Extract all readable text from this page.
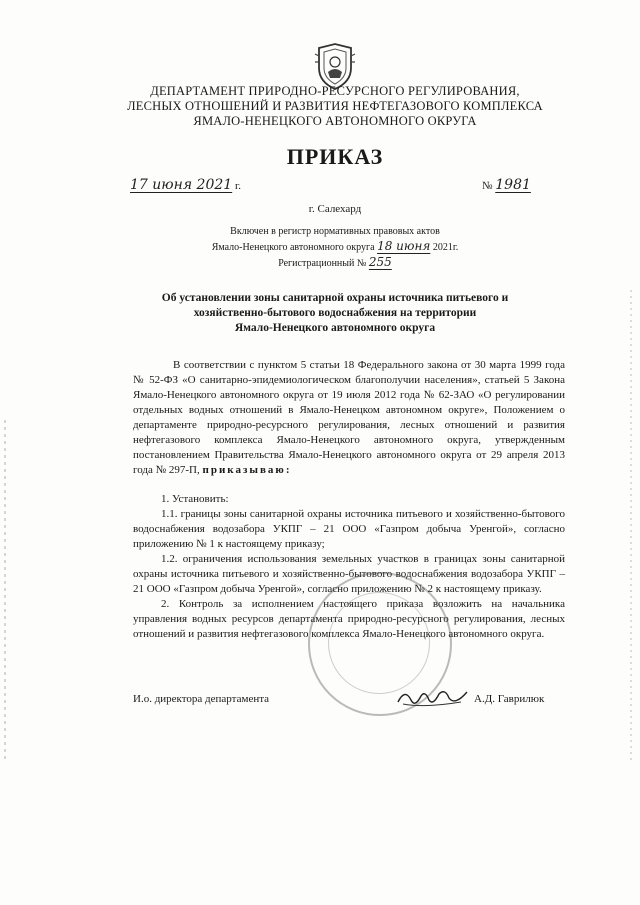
ДЕПАРТАМЕНТ ПРИРОДНО-РЕСУРСНОГО РЕГУЛИРОВАНИЯ,
ЛЕСНЫХ ОТНОШЕНИЙ И РАЗВИТИЯ НЕФТЕГАЗОВОГО КОМПЛЕКСА
ЯМАЛО-НЕНЕЦКОГО АВТОНОМНОГО ОКРУГА
ПРИКАЗ
17 июня 2021 г.	№ 1981
г. Салехард
Включен в регистр нормативных правовых актов
Ямало-Ненецкого автономного округа 18 июня 2021г.
Регистрационный № 255
Об установлении зоны санитарной охраны источника питьевого и
хозяйственно-бытового водоснабжения на территории
Ямало-Ненецкого автономного округа

В соответствии с пунктом 5 статьи 18 Федерального закона от 30 марта 1999 года № 52-ФЗ «О санитарно-эпидемиологическом благополучии населения», статьей 5 Закона Ямало-Ненецкого автономного округа от 19 июля 2012 года № 62-ЗАО «О регулировании отдельных водных отношений в Ямало-Ненецком автономном округе», Положением о департаменте природно-ресурсного регулирования, лесных отношений и развития нефтегазового комплекса Ямало-Ненецкого автономного округа, утвержденным постановлением Правительства Ямало-Ненецкого автономного округа от 29 апреля 2013 года № 297-П, приказываю:

1. Установить:

1.1. границы зоны санитарной охраны источника питьевого и хозяйственно-бытового водоснабжения водозабора УКПГ – 21 ООО «Газпром добыча Уренгой», согласно приложению № 1 к настоящему приказу;

1.2. ограничения использования земельных участков в границах зоны санитарной охраны источника питьевого и хозяйственно-бытового водоснабжения водозабора УКПГ – 21 ООО «Газпром добыча Уренгой», согласно приложению № 2 к настоящему приказу.

2. Контроль за исполнением настоящего приказа возложить на начальника управления водных ресурсов департамента природно-ресурсного регулирования, лесных отношений и развития нефтегазового комплекса Ямало-Ненецкого автономного округа.

И.о. директора департамента	А.Д. Гаврилюк
